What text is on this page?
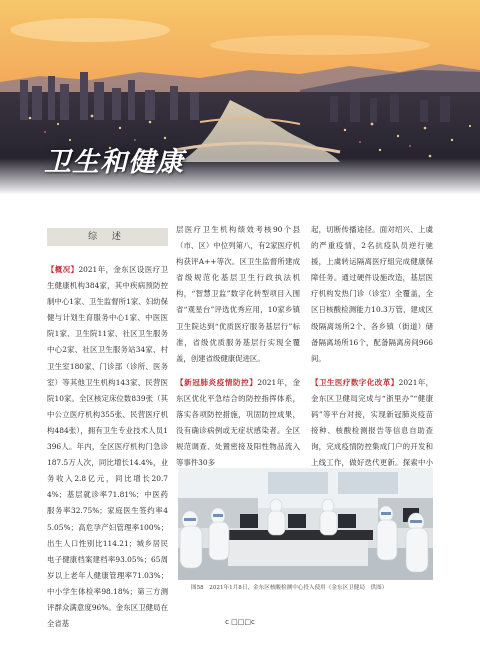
卫生和健康
综 述

【概况】2021年，金东区设医疗卫生健康机构384家，其中疾病预防控制中心1家、卫生监督所1家、妇幼保健与计划生育服务中心1家、中医医院1家、卫生院11家、社区卫生服务中心2家、社区卫生服务站34家、村卫生室180家、门诊部（诊所、医务室）等其他卫生机构143家、民营医院10家。全区核定床位数839张（其中公立医疗机构355张、民营医疗机构484张），拥有卫生专业技术人员1396人。年内，全区医疗机构门急诊187.5万人次，同比增长14.4%，业务收入2.8亿元，同比增长20.74%；基层就诊率71.81%；中医药服务率32.75%；家庭医生签约率45.05%；高危孕产妇管理率100%；出生人口性别比114.21；城乡居民电子健康档案建档率93.05%；65周岁以上老年人健康管理率71.03%；中小学生体检率98.18%；第三方测评群众满意度96%。金东区卫健局在全省基

层医疗卫生机构绩效考核90个县（市、区）中位列第八，有2家医疗机构获评A++等次。区卫生监督所建成省级规范化基层卫生行政执法机构，“智慧卫监”数字化转型项目入围省“观星台”评选优秀应用，10家乡镇卫生院达到“优质医疗服务基层行”标准，省级优质服务基层行实现全覆盖，创建省级健康促进区。

【新冠肺炎疫情防控】2021年，金东区优化平急结合的防控指挥体系，落实各项防控措施，巩固防控成果，没有确诊病例或无症状感染者。全区规范调查、处置密接及阳性物品流入等事件30多

起，切断传播途径。面对绍兴、上虞的严重疫情，2名抗疫队员逆行驰援，上虞转运隔离医疗組完成健康保障任务。通过硬件设施改造，基层医疗机构发热门诊（诊室）全覆盖，全区日核酸检测能力10.3万管，建成区级隔离场所2个、各乡镇（街道）储备隔离场所16个，配备隔离房间966间。

【卫生医疗数字化改革】2021年，金东区卫健局完成与“浙里办”“健康码”等平台对接，实现新冠肺炎疫苗接种、核酸检测报告等信息自助查询，完成疫情防控集成门户的开发和上线工作，做好迭代更新。探索中小

图58　2021年1月8日，金东区核酸检测中心投入使用（金东区卫健局　供图）

c □□□c
